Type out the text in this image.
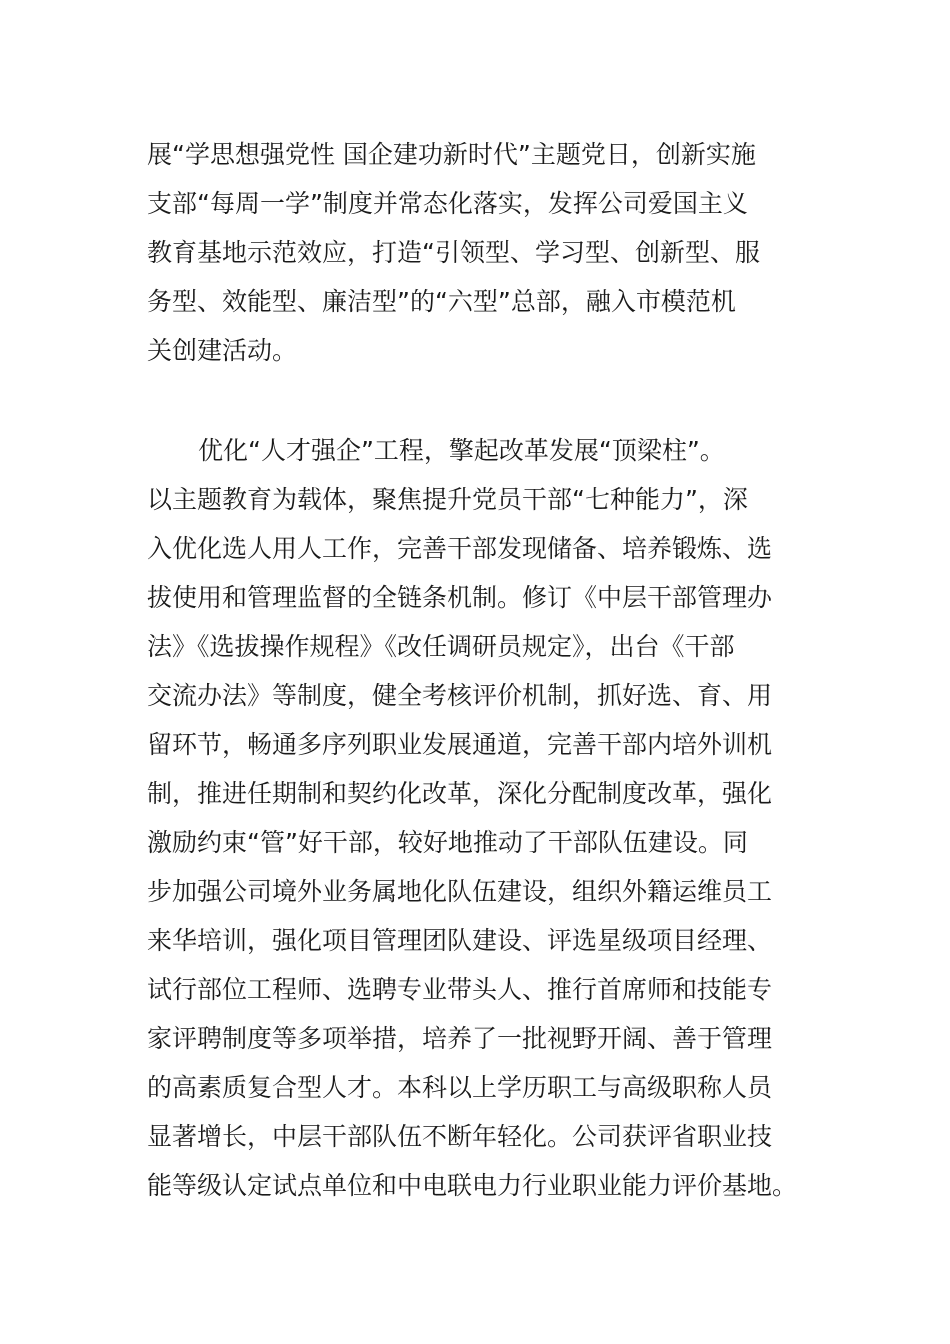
展“学思想强党性 国企建功新时代”主题党日，创新实施
支部“每周一学”制度并常态化落实，发挥公司爱国主义
教育基地示范效应，打造“引领型、学习型、创新型、服
务型、效能型、廉洁型”的“六型”总部，融入市模范机
关创建活动。
优化“人才强企”工程，擎起改革发展“顶梁柱”。
以主题教育为载体，聚焦提升党员干部“七种能力”，深
入优化选人用人工作，完善干部发现储备、培养锻炼、选
拔使用和管理监督的全链条机制。修订《中层干部管理办
法》《选拔操作规程》《改任调研员规定》，出台《干部
交流办法》等制度，健全考核评价机制，抓好选、育、用
留环节，畅通多序列职业发展通道，完善干部内培外训机
制，推进任期制和契约化改革，深化分配制度改革，强化
激励约束“管”好干部，较好地推动了干部队伍建设。同
步加强公司境外业务属地化队伍建设，组织外籍运维员工
来华培训，强化项目管理团队建设、评选星级项目经理、
试行部位工程师、选聘专业带头人、推行首席师和技能专
家评聘制度等多项举措，培养了一批视野开阔、善于管理
的高素质复合型人才。本科以上学历职工与高级职称人员
显著增长，中层干部队伍不断年轻化。公司获评省职业技
能等级认定试点单位和中电联电力行业职业能力评价基地。
